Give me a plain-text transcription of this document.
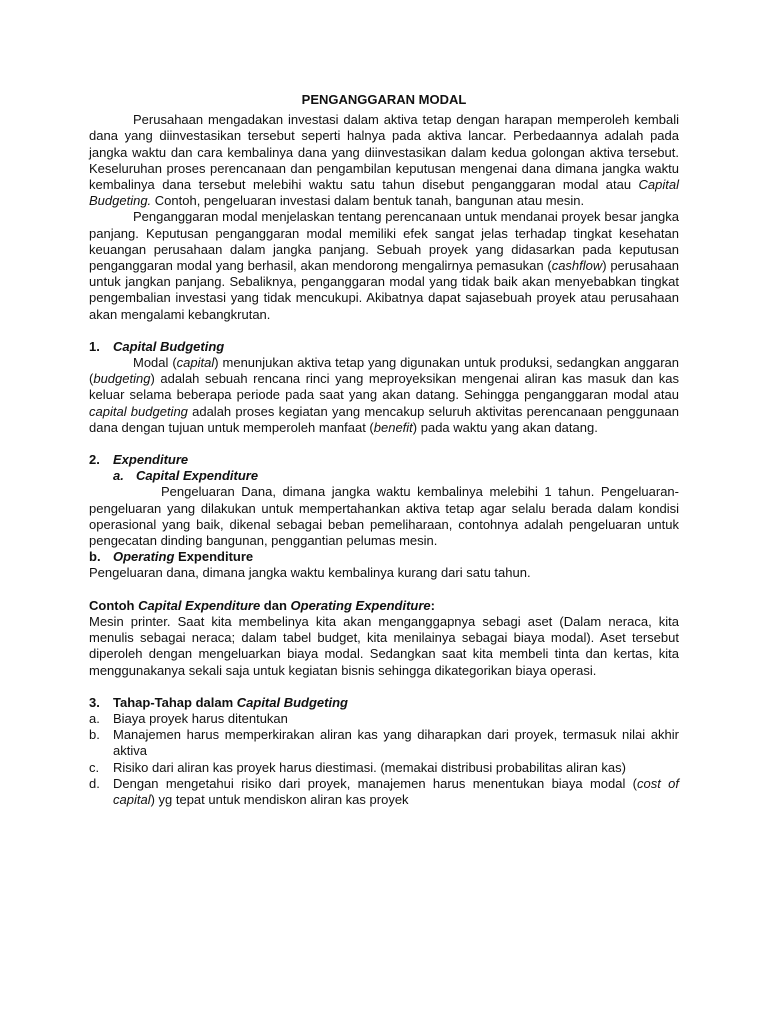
PENGANGGARAN MODAL

Perusahaan mengadakan investasi dalam aktiva tetap dengan harapan memperoleh kembali dana yang diinvestasikan tersebut seperti halnya pada aktiva lancar. Perbedaannya adalah pada jangka waktu dan cara kembalinya dana yang diinvestasikan dalam kedua golongan aktiva tersebut. Keseluruhan proses perencanaan dan pengambilan keputusan mengenai dana dimana jangka waktu kembalinya dana tersebut melebihi waktu satu tahun disebut penganggaran modal atau Capital Budgeting. Contoh, pengeluaran investasi dalam bentuk tanah, bangunan atau mesin.

Penganggaran modal menjelaskan tentang perencanaan untuk mendanai proyek besar jangka panjang. Keputusan penganggaran modal memiliki efek sangat jelas terhadap tingkat kesehatan keuangan perusahaan dalam jangka panjang. Sebuah proyek yang didasarkan pada keputusan penganggaran modal yang berhasil, akan mendorong mengalirnya pemasukan (cashflow) perusahaan untuk jangkan panjang. Sebaliknya, penganggaran modal yang tidak baik akan menyebabkan tingkat pengembalian investasi yang tidak mencukupi. Akibatnya dapat sajasebuah proyek atau perusahaan akan mengalami kebangkrutan.

1. Capital Budgeting

Modal (capital) menunjukan aktiva tetap yang digunakan untuk produksi, sedangkan anggaran (budgeting) adalah sebuah rencana rinci yang meproyeksikan mengenai aliran kas masuk dan kas keluar selama beberapa periode pada saat yang akan datang. Sehingga penganggaran modal atau capital budgeting adalah proses kegiatan yang mencakup seluruh aktivitas perencanaan penggunaan dana dengan tujuan untuk memperoleh manfaat (benefit) pada waktu yang akan datang.

2. Expenditure
a. Capital Expenditure

Pengeluaran Dana, dimana jangka waktu kembalinya melebihi 1 tahun. Pengeluaran-pengeluaran yang dilakukan untuk mempertahankan aktiva tetap agar selalu berada dalam kondisi operasional yang baik, dikenal sebagai beban pemeliharaan, contohnya adalah pengeluaran untuk pengecatan dinding bangunan, penggantian pelumas mesin.

b. Operating Expenditure

Pengeluaran dana, dimana jangka waktu kembalinya kurang dari satu tahun.

Contoh Capital Expenditure dan Operating Expenditure:

Mesin printer. Saat kita membelinya kita akan menganggapnya sebagi aset (Dalam neraca, kita menulis sebagai neraca; dalam tabel budget, kita menilainya sebagai biaya modal). Aset tersebut diperoleh dengan mengeluarkan biaya modal. Sedangkan saat kita membeli tinta dan kertas, kita menggunakanya sekali saja untuk kegiatan bisnis sehingga dikategorikan biaya operasi.

3. Tahap-Tahap dalam Capital Budgeting
a. Biaya proyek harus ditentukan
b. Manajemen harus memperkirakan aliran kas yang diharapkan dari proyek, termasuk nilai akhir aktiva
c. Risiko dari aliran kas proyek harus diestimasi. (memakai distribusi probabilitas aliran kas)
d. Dengan mengetahui risiko dari proyek, manajemen harus menentukan biaya modal (cost of capital) yg tepat untuk mendiskon aliran kas proyek
